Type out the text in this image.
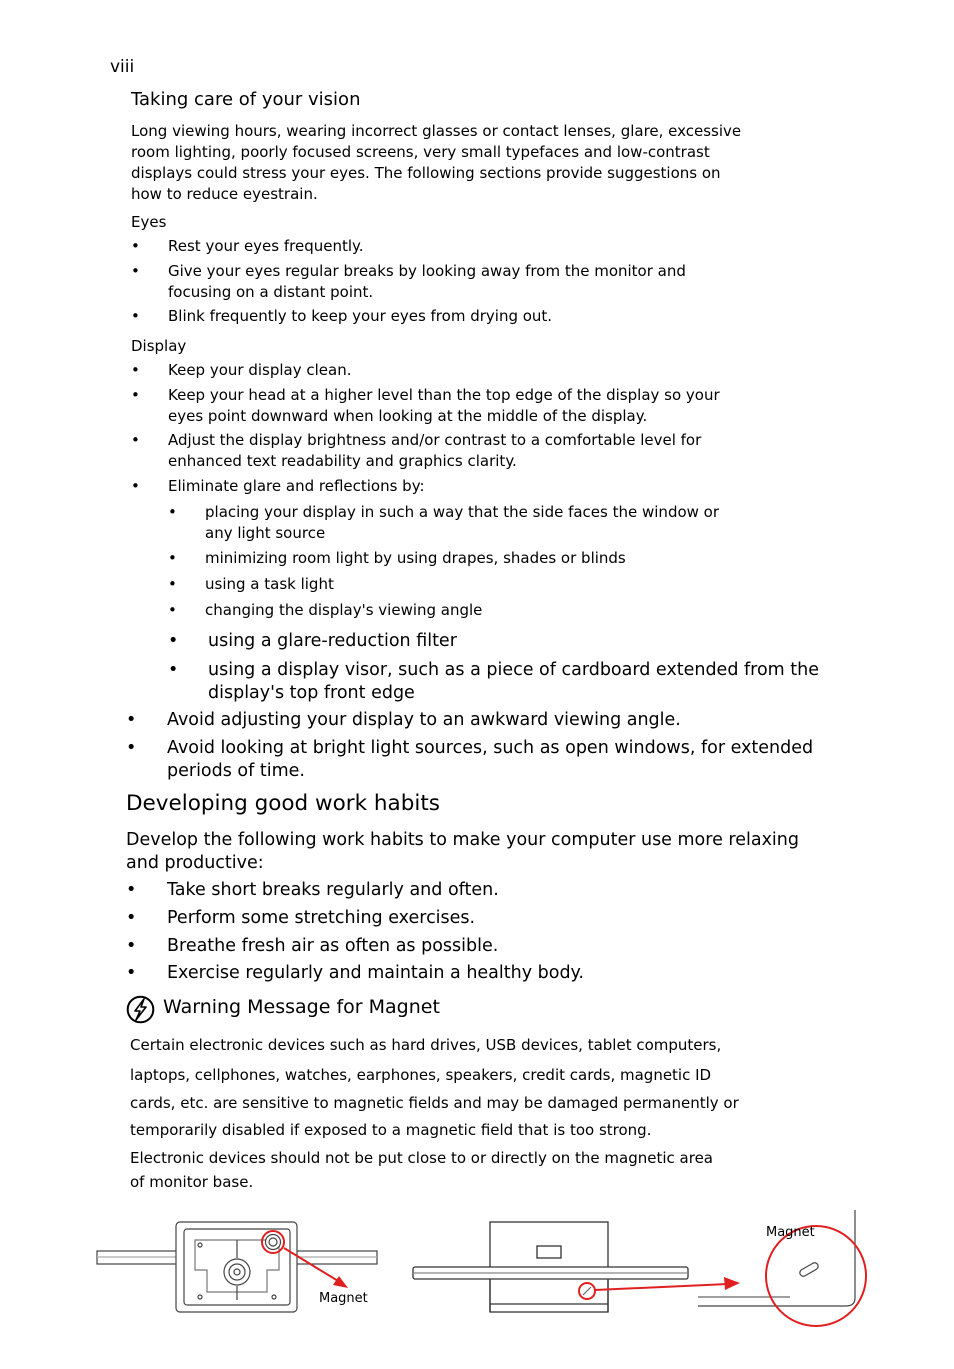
viii
Taking care of your vision
Long viewing hours, wearing incorrect glasses or contact lenses, glare, excessive
room lighting, poorly focused screens, very small typefaces and low-contrast
displays could stress your eyes. The following sections provide suggestions on
how to reduce eyestrain.
Eyes
• Rest your eyes frequently.
• Give your eyes regular breaks by looking away from the monitor and
focusing on a distant point.
• Blink frequently to keep your eyes from drying out.
Display
• Keep your display clean.
• Keep your head at a higher level than the top edge of the display so your
eyes point downward when looking at the middle of the display.
• Adjust the display brightness and/or contrast to a comfortable level for
enhanced text readability and graphics clarity.
• Eliminate glare and reflections by:
• placing your display in such a way that the side faces the window or
any light source
• minimizing room light by using drapes, shades or blinds
• using a task light
• changing the display's viewing angle
• using a glare-reduction filter
• using a display visor, such as a piece of cardboard extended from the
display's top front edge
• Avoid adjusting your display to an awkward viewing angle.
• Avoid looking at bright light sources, such as open windows, for extended
periods of time.
Developing good work habits
Develop the following work habits to make your computer use more relaxing
and productive:
• Take short breaks regularly and often.
• Perform some stretching exercises.
• Breathe fresh air as often as possible.
• Exercise regularly and maintain a healthy body.
Warning Message for Magnet
Certain electronic devices such as hard drives, USB devices, tablet computers,
laptops, cellphones, watches, earphones, speakers, credit cards, magnetic ID
cards, etc. are sensitive to magnetic fields and may be damaged permanently or
temporarily disabled if exposed to a magnetic field that is too strong.
Electronic devices should not be put close to or directly on the magnetic area
of monitor base.
Magnet
Magnet
